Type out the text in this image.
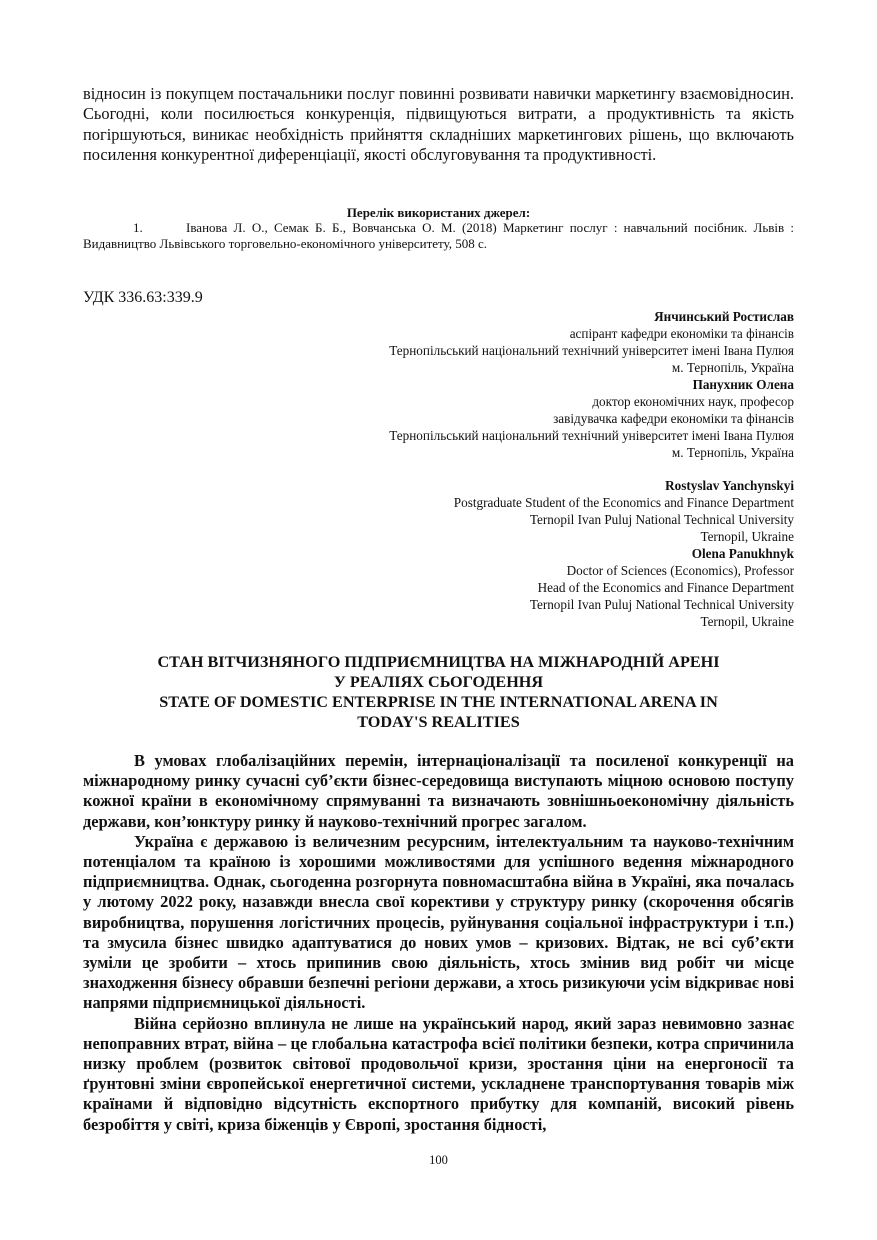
відносин із покупцем постачальники послуг повинні розвивати навички маркетингу взаємовідносин. Сьогодні, коли посилюється конкуренція, підвищуються витрати, а продуктивність та якість погіршуються, виникає необхідність прийняття складніших маркетингових рішень, що включають посилення конкурентної диференціації, якості обслуговування та продуктивності.

Перелік використаних джерел:

1.	Іванова Л. О., Семак Б. Б., Вовчанська О. М. (2018) Маркетинг послуг : навчальний посібник. Львів : Видавництво Львівського торговельно-економічного університету, 508 с.

УДК 336.63:339.9

Янчинський Ростислав
аспірант кафедри економіки та фінансів
Тернопільський національний технічний університет імені Івана Пулюя
м. Тернопіль, Україна
Панухник Олена
доктор економічних наук, професор
завідувачка кафедри економіки та фінансів
Тернопільський національний технічний університет імені Івана Пулюя
м. Тернопіль, Україна
Rostyslav Yanchynskyi
Postgraduate Student of the Economics and Finance Department
Ternopil Ivan Puluj National Technical University
Ternopil, Ukraine
Olena Panukhnyk
Doctor of Sciences (Economics), Professor
Head of the Economics and Finance Department
Ternopil Ivan Puluj National Technical University
Ternopil, Ukraine
СТАН ВІТЧИЗНЯНОГО ПІДПРИЄМНИЦТВА НА МІЖНАРОДНІЙ АРЕНІ
У РЕАЛІЯХ СЬОГОДЕННЯ
STATE OF DOMESTIC ENTERPRISE IN THE INTERNATIONAL ARENA IN
TODAY'S REALITIES

В умовах глобалізаційних перемін, інтернаціоналізації та посиленої конкуренції на міжнародному ринку сучасні суб’єкти бізнес-середовища виступають міцною основою поступу кожної країни в економічному спрямуванні та визначають зовнішньоекономічну діяльність держави, кон’юнктуру ринку й науково-технічний прогрес загалом.

Україна є державою із величезним ресурсним, інтелектуальним та науково-технічним потенціалом та країною із хорошими можливостями для успішного ведення міжнародного підприємництва. Однак, сьогоденна розгорнута повномасштабна війна в Україні, яка почалась у лютому 2022 року, назавжди внесла свої корективи у структуру ринку (скорочення обсягів виробництва, порушення логістичних процесів, руйнування соціальної інфраструктури і т.п.) та змусила бізнес швидко адаптуватися до нових умов – кризових. Відтак, не всі суб’єкти зуміли це зробити – хтось припинив свою діяльність, хтось змінив вид робіт чи місце знаходження бізнесу обравши безпечні регіони держави, а хтось ризикуючи усім відкриває нові напрями підприємницької діяльності.

Війна серйозно вплинула не лише на український народ, який зараз невимовно зазнає непоправних втрат, війна – це глобальна катастрофа всієї політики безпеки, котра спричинила низку проблем (розвиток світової продовольчої кризи, зростання ціни на енергоносії та ґрунтовні зміни європейської енергетичної системи, ускладнене транспортування товарів між країнами й відповідно відсутність експортного прибутку для компаній, високий рівень безробіття у світі, криза біженців у Європі, зростання бідності,

100
